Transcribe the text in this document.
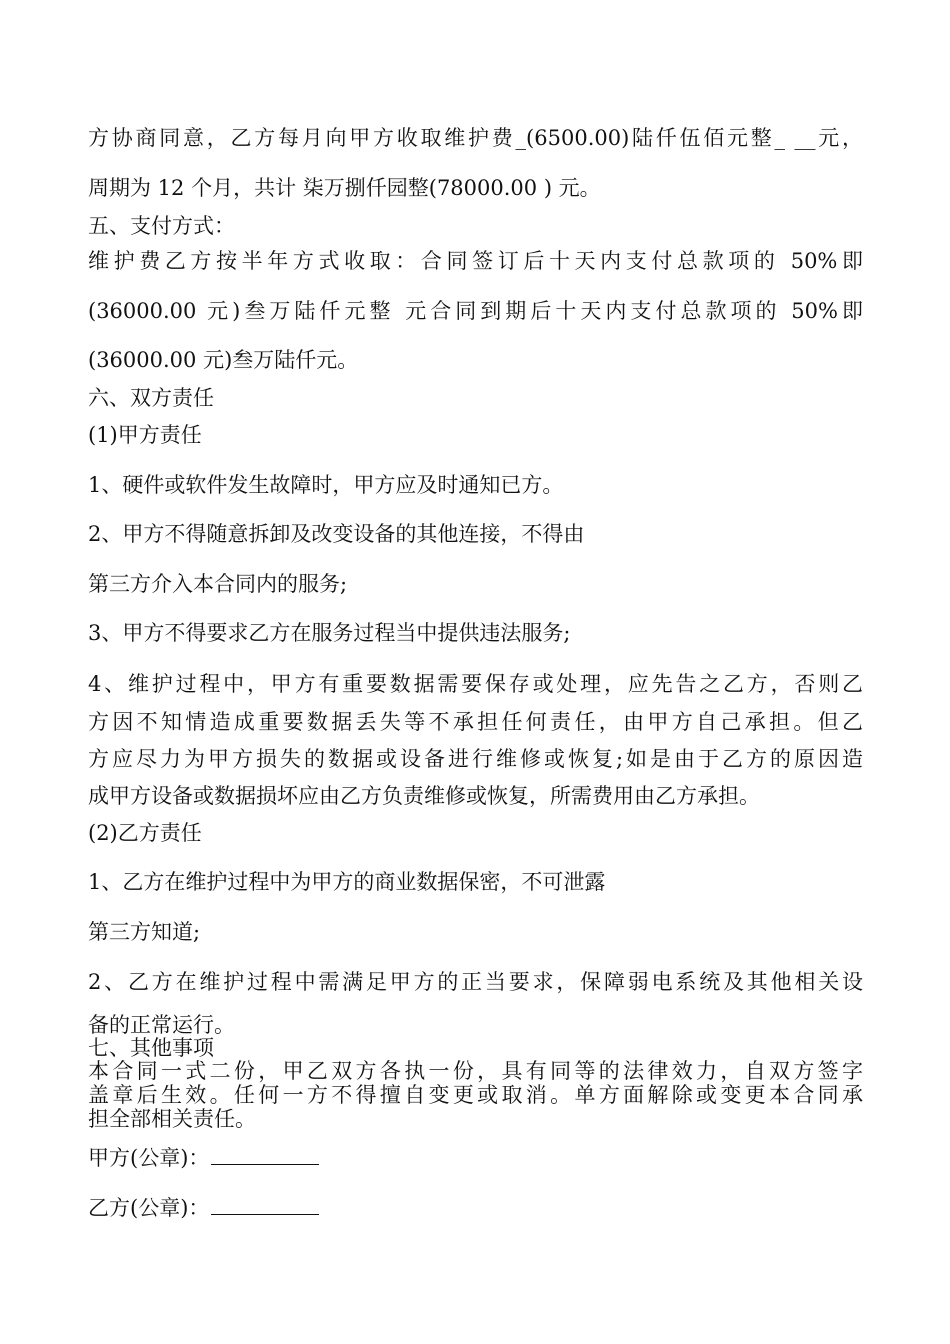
方协商同意，乙方每月向甲方收取维护费_(6500.00)陆仟伍佰元整_ __元，
周期为 12 个月，共计 柒万捌仟园整(78000.00 ) 元。
五、支付方式：
维护费乙方按半年方式收取：合同签订后十天内支付总款项的 50%即
(36000.00 元)叁万陆仟元整 元合同到期后十天内支付总款项的 50%即
(36000.00 元)叁万陆仟元。
六、双方责任
(1)甲方责任
1、硬件或软件发生故障时，甲方应及时通知已方。
2、甲方不得随意拆卸及改变设备的其他连接，不得由
第三方介入本合同内的服务;
3、甲方不得要求乙方在服务过程当中提供违法服务;
4、维护过程中，甲方有重要数据需要保存或处理，应先告之乙方，否则乙
方因不知情造成重要数据丢失等不承担任何责任，由甲方自己承担。但乙
方应尽力为甲方损失的数据或设备进行维修或恢复;如是由于乙方的原因造
成甲方设备或数据损坏应由乙方负责维修或恢复，所需费用由乙方承担。
(2)乙方责任
1、乙方在维护过程中为甲方的商业数据保密，不可泄露
第三方知道;
2、乙方在维护过程中需满足甲方的正当要求，保障弱电系统及其他相关设
备的正常运行。
七、其他事项
本合同一式二份，甲乙双方各执一份，具有同等的法律效力，自双方签字
盖章后生效。任何一方不得擅自变更或取消。单方面解除或变更本合同承
担全部相关责任。
甲方(公章)：
乙方(公章)：
